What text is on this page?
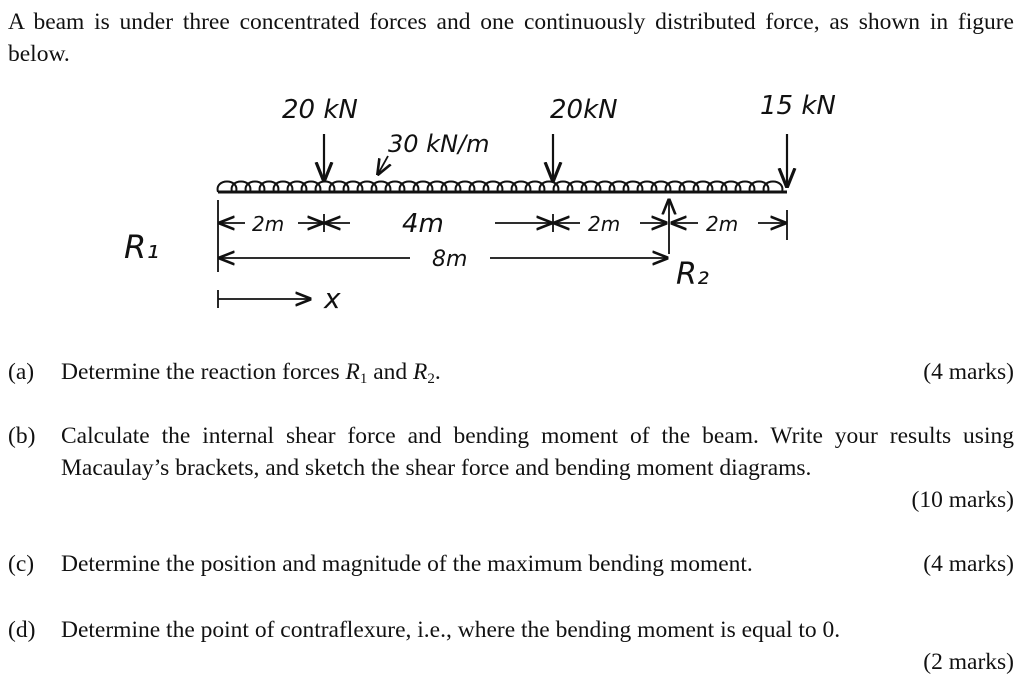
A beam is under three concentrated forces and one continuously distributed force, as shown in figure below.

20 kN	20kN	15 kN
30 kN/m
2m	4m	2m	2m
8m
R₁
R₂
x
(a) Determine the reaction forces $R_1$ and $R_2$.	(4 marks)
(b) Calculate the internal shear force and bending moment of the beam. Write your results using Macaulay’s brackets, and sketch the shear force and bending moment diagrams.
(10 marks)
(c) Determine the position and magnitude of the maximum bending moment.	(4 marks)
(d) Determine the point of contraflexure, i.e., where the bending moment is equal to 0.
(2 marks)
